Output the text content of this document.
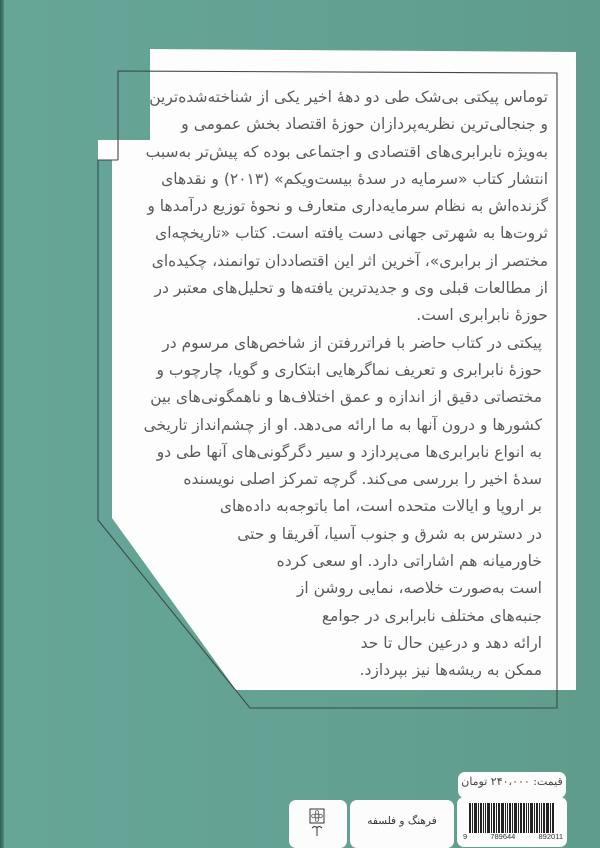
توماس پیکتی بی‌شک طی دو دهۀ اخیر یکی از شناخته‌شده‌ترین
و جنجالی‌ترین نظریه‌پردازان حوزۀ اقتصاد بخش عمومی و
به‌ویژه نابرابری‌های اقتصادی و اجتماعی بوده که پیش‌تر به‌سبب
انتشار کتاب «سرمایه در سدۀ بیست‌ویکم» (۲۰۱۳) و نقدهای
گزنده‌اش به نظام سرمایه‌داری متعارف و نحوۀ توزیع درآمدها و
ثروت‌ها به شهرتی جهانی دست یافته است. کتاب «تاریخچه‌ای
مختصر از برابری»، آخرین اثر این اقتصاددان توانمند، چکیده‌ای
از مطالعات قبلی وی و جدیدترین یافته‌ها و تحلیل‌های معتبر در
حوزۀ نابرابری است.

پیکتی در کتاب حاضر با فراتررفتن از شاخص‌های مرسوم در
حوزۀ نابرابری و تعریف نماگرهایی ابتکاری و گویا، چارچوب و
مختصاتی دقیق از اندازه و عمق اختلاف‌ها و ناهمگونی‌های بین
کشورها و درون آنها به ما ارائه می‌دهد. او از چشم‌انداز تاریخی
به انواع نابرابری‌ها می‌پردازد و سیر دگرگونی‌های آنها طی دو
سدۀ اخیر را بررسی می‌کند. گرچه تمرکز اصلی نویسنده
بر اروپا و ایالات متحده است، اما باتوجه‌به داده‌های
در دسترس به شرق و جنوب آسیا، آفریقا و حتی
خاورمیانه هم اشاراتی دارد. او سعی کرده
است به‌صورت خلاصه، نمایی روشن از
جنبه‌های مختلف نابرابری در جوامع
ارائه دهد و درعین حال تا حد
ممکن به ریشه‌ها نیز بپردازد.

قیمت: ۲۴۰،۰۰۰ تومان
9	789644	892011
فرهنگ و فلسفه
